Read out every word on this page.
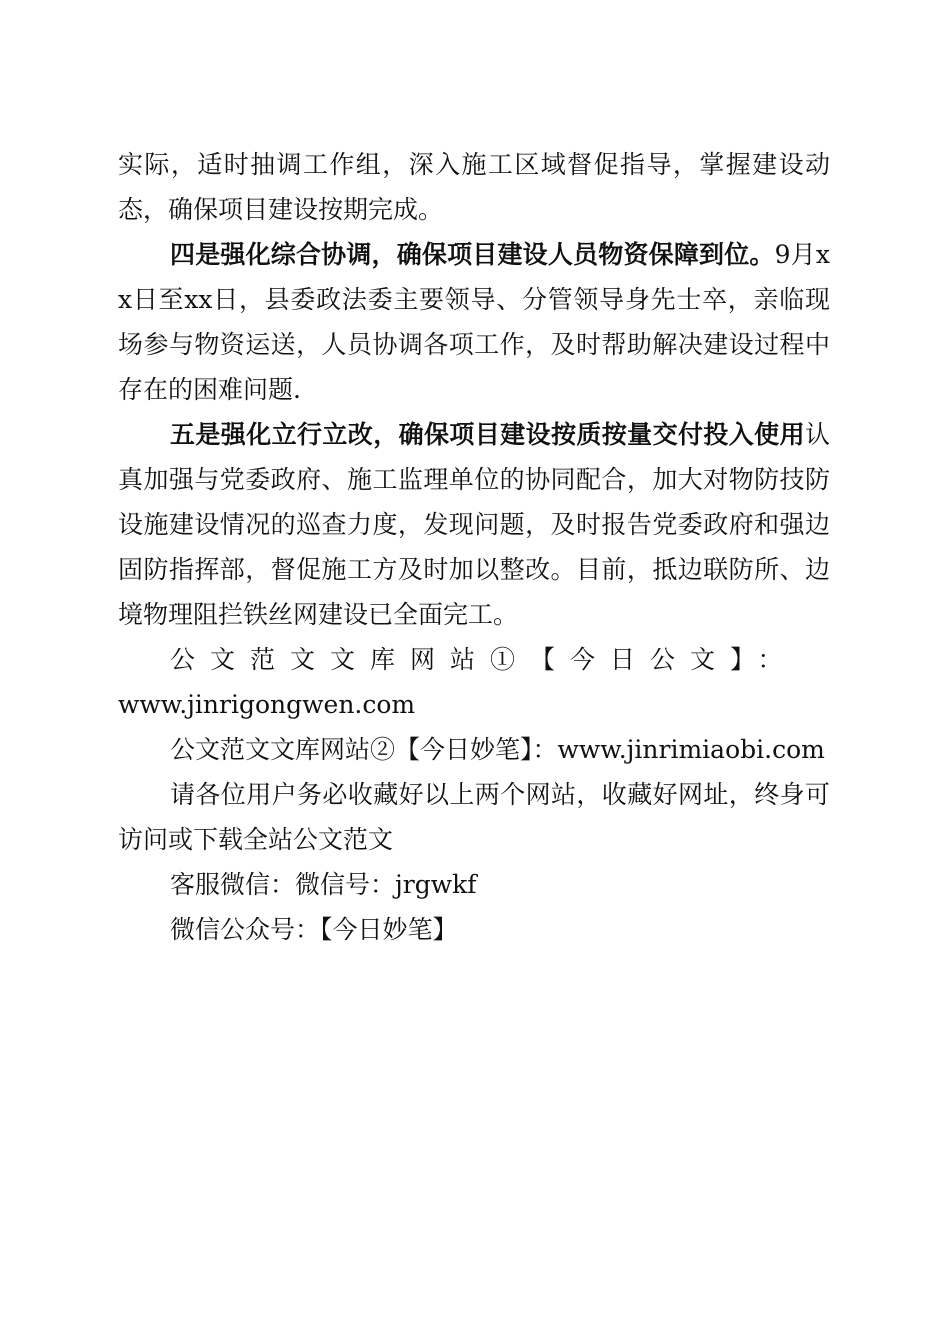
实际，适时抽调工作组，深入施工区域督促指导，掌握建设动态，确保项目建设按期完成。

四是强化综合协调，确保项目建设人员物资保障到位。9月xx日至xx日，县委政法委主要领导、分管领导身先士卒，亲临现场参与物资运送，人员协调各项工作，及时帮助解决建设过程中存在的困难问题.

五是强化立行立改，确保项目建设按质按量交付投入使用认真加强与党委政府、施工监理单位的协同配合，加大对物防技防设施建设情况的巡查力度，发现问题，及时报告党委政府和强边固防指挥部，督促施工方及时加以整改。目前，抵边联防所、边境物理阻拦铁丝网建设已全面完工。

公文范文文库网站①【今日公文】：
www.jinrigongwen.com

公文范文文库网站②【今日妙笔】：www.jinrimiaobi.com

请各位用户务必收藏好以上两个网站，收藏好网址，终身可访问或下载全站公文范文

客服微信：微信号：jrgwkf

微信公众号：【今日妙笔】
